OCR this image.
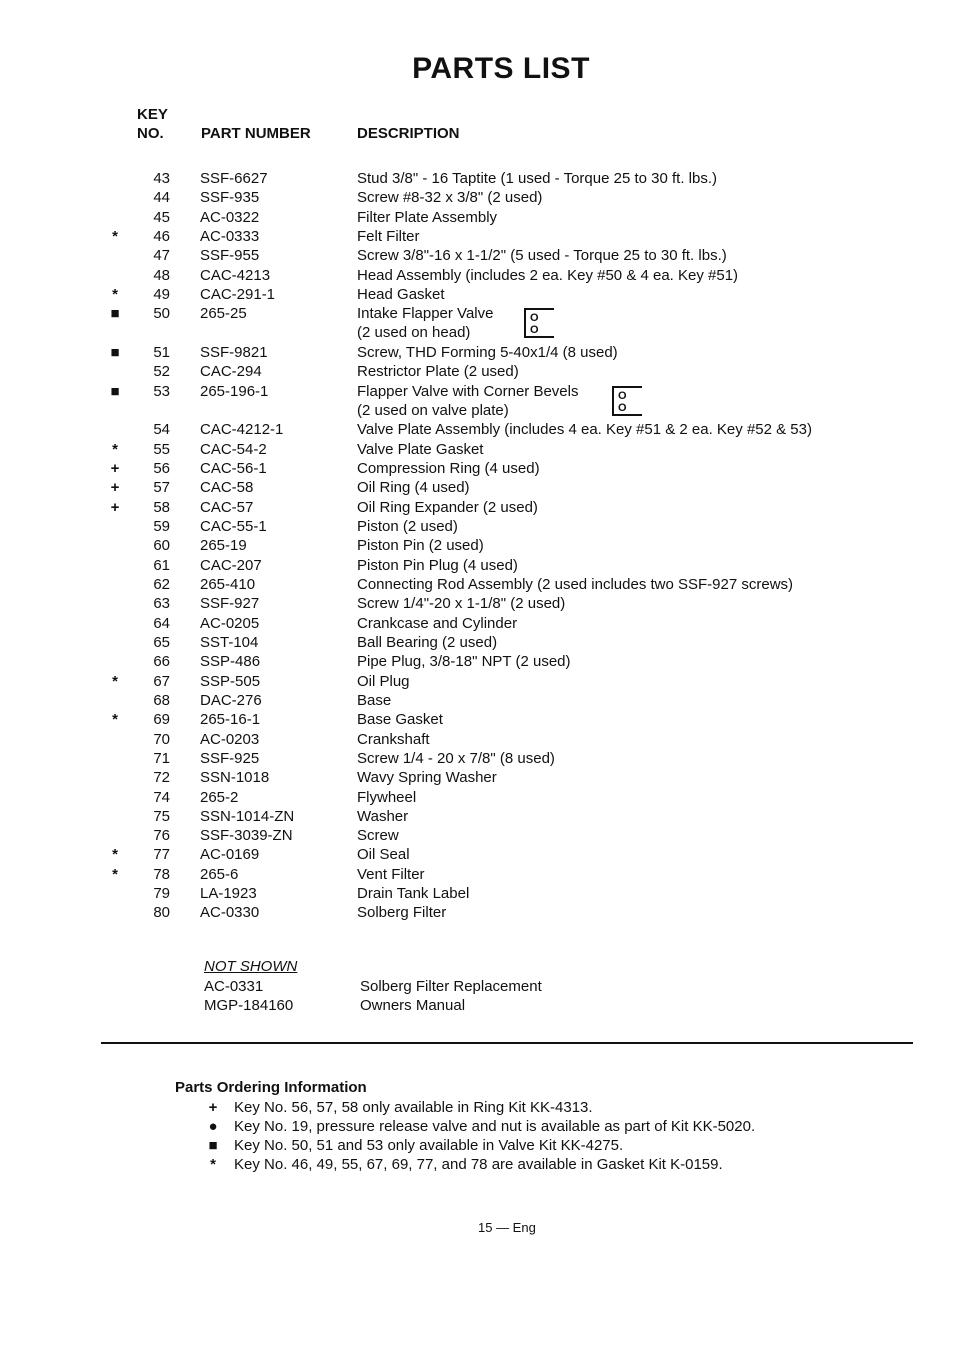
PARTS LIST
KEY
NO. PART NUMBER	DESCRIPTION
43 SSF-6627	Stud 3/8" - 16 Taptite (1 used - Torque 25 to 30 ft. lbs.)
44 SSF-935	Screw #8-32 x 3/8" (2 used)
45 AC-0322	Filter Plate Assembly
*	46 AC-0333	Felt Filter
47 SSF-955	Screw 3/8"-16 x 1-1/2" (5 used - Torque 25 to 30 ft. lbs.)
48 CAC-4213	Head Assembly (includes 2 ea. Key #50 & 4 ea. Key #51)
*	49 CAC-291-1	Head Gasket
■	50 265-25	Intake Flapper Valve
(2 used on head)
O
O
■	51 SSF-9821	Screw, THD Forming 5-40x1/4 (8 used)
52 CAC-294	Restrictor Plate (2 used)
■	53 265-196-1	Flapper Valve with Corner Bevels
(2 used on valve plate)
O
O
54 CAC-4212-1	Valve Plate Assembly (includes 4 ea. Key #51 & 2 ea. Key #52 & 53)
*	55 CAC-54-2	Valve Plate Gasket
+	56 CAC-56-1	Compression Ring (4 used)
+	57 CAC-58	Oil Ring (4 used)
+	58 CAC-57	Oil Ring Expander (2 used)
59 CAC-55-1	Piston (2 used)
60 265-19	Piston Pin (2 used)
61 CAC-207	Piston Pin Plug (4 used)
62 265-410	Connecting Rod Assembly (2 used includes two SSF-927 screws)
63 SSF-927	Screw 1/4"-20 x 1-1/8" (2 used)
64 AC-0205	Crankcase and Cylinder
65 SST-104	Ball Bearing (2 used)
66 SSP-486	Pipe Plug, 3/8-18" NPT (2 used)
*	67 SSP-505	Oil Plug
68 DAC-276	Base
*	69 265-16-1	Base Gasket
70 AC-0203	Crankshaft
71 SSF-925	Screw 1/4 - 20 x 7/8" (8 used)
72 SSN-1018	Wavy Spring Washer
74 265-2	Flywheel
75 SSN-1014-ZN	Washer
76 SSF-3039-ZN	Screw
*	77 AC-0169	Oil Seal
*	78 265-6	Vent Filter
79 LA-1923	Drain Tank Label
80 AC-0330	Solberg Filter
NOT SHOWN
AC-0331	Solberg Filter Replacement
MGP-184160	Owners Manual
Parts Ordering Information
+	Key No. 56, 57, 58 only available in Ring Kit KK-4313.
● Key No. 19, pressure release valve and nut is available as part of Kit KK-5020.
■ Key No. 50, 51 and 53 only available in Valve Kit KK-4275.
*	Key No. 46, 49, 55, 67, 69, 77, and 78 are available in Gasket Kit K-0159.
15 — Eng
